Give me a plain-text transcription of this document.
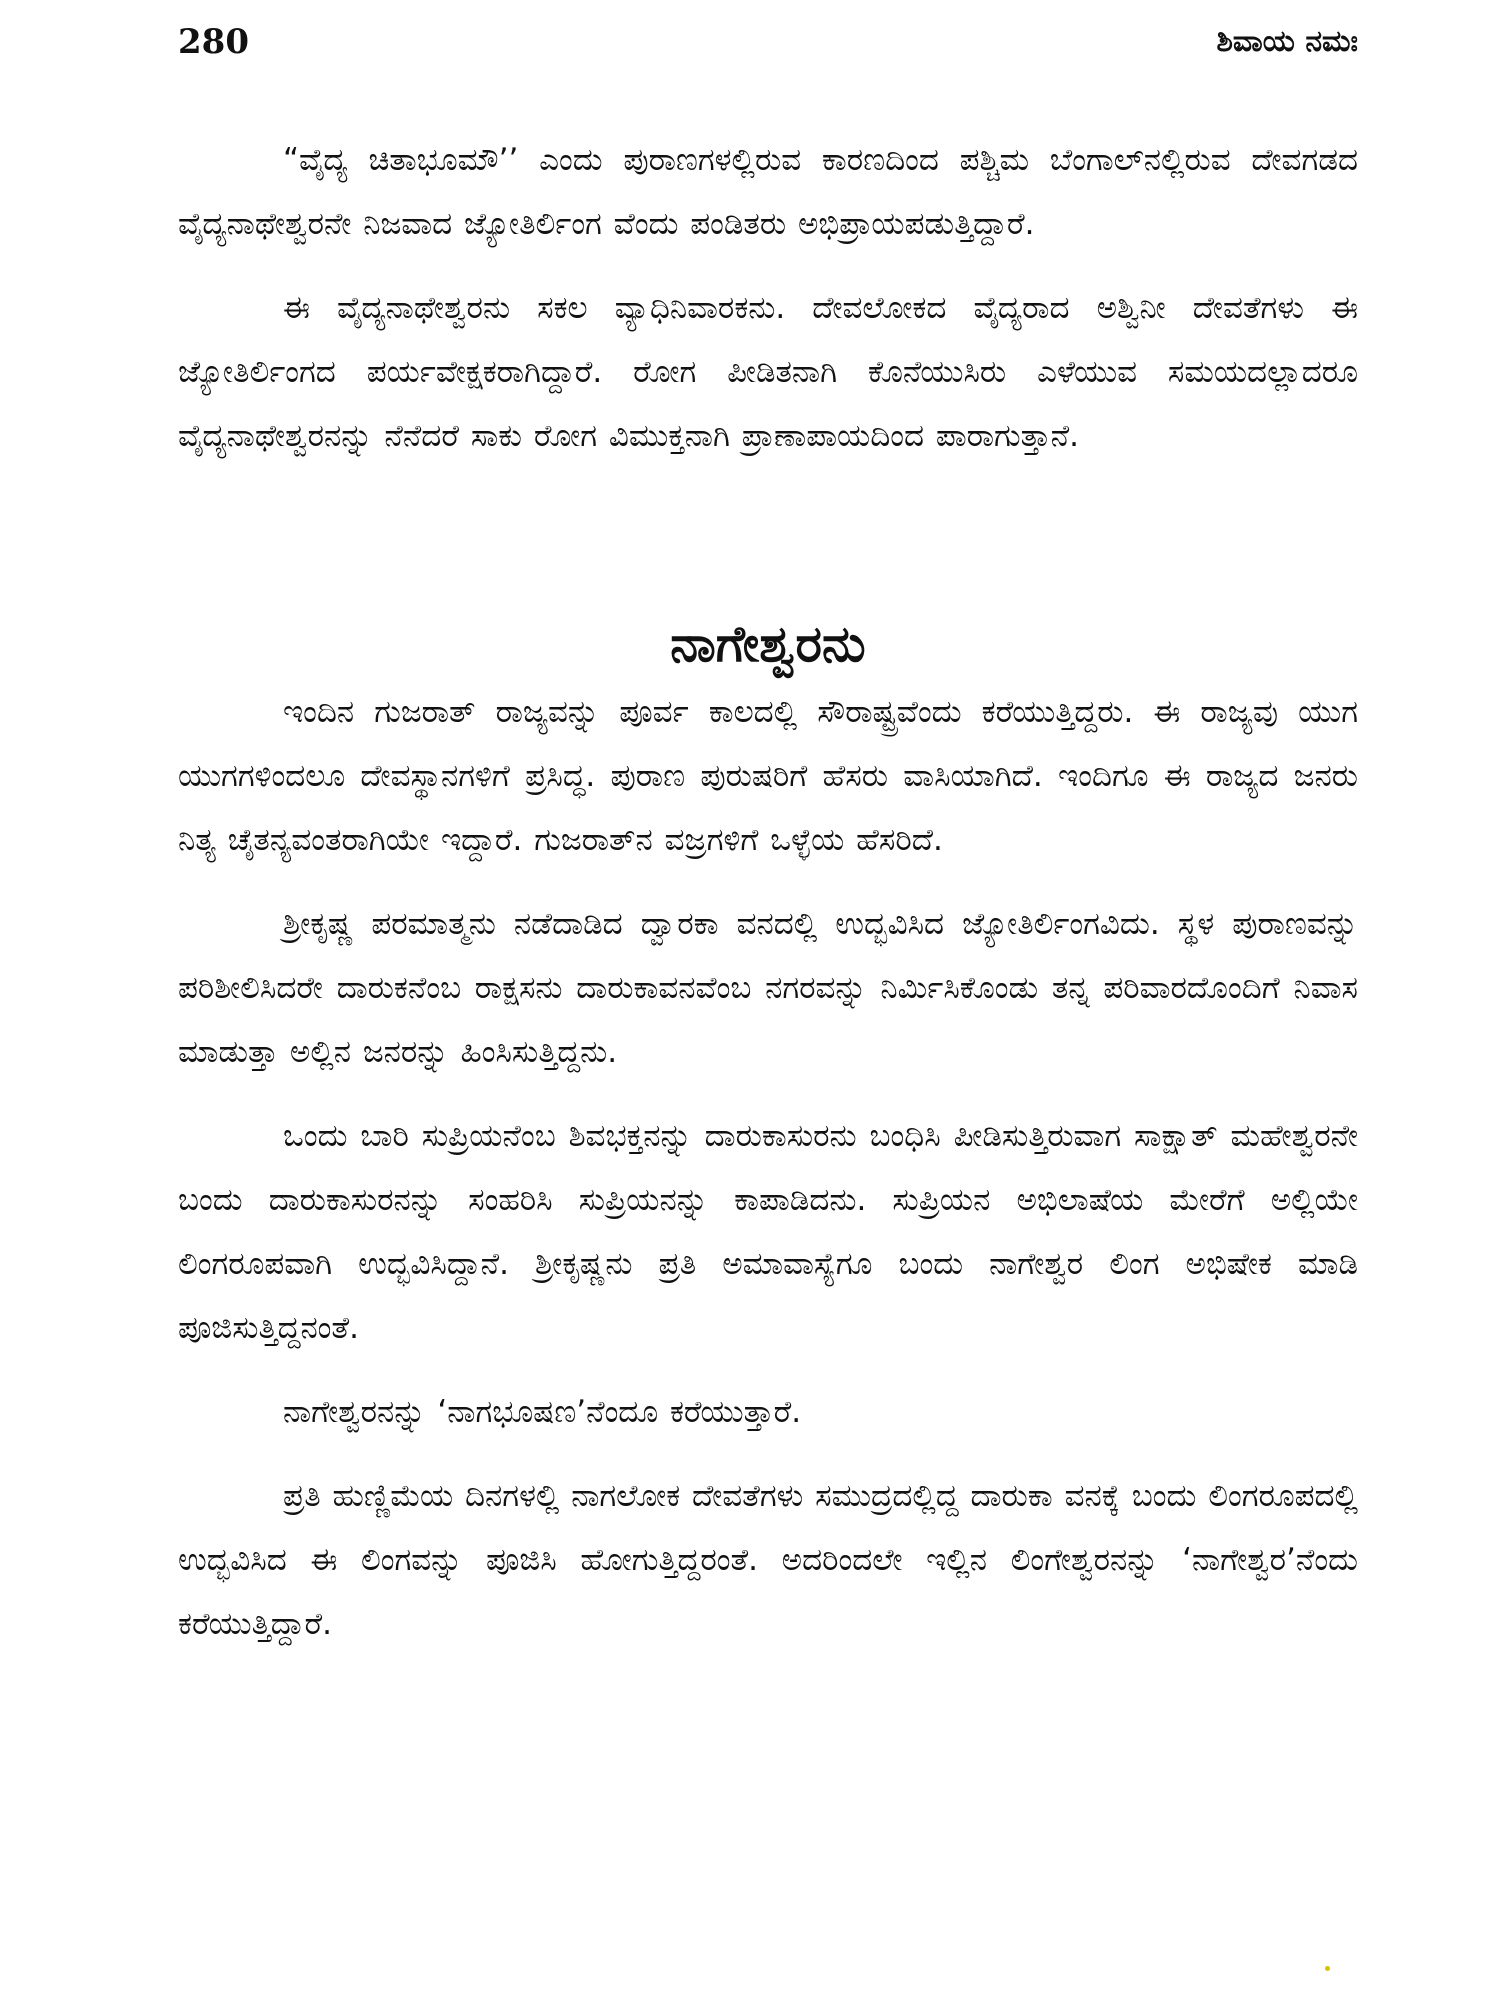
280	ಶಿವಾಯ ನಮಃ

“ವೈದ್ಯ ಚಿತಾಭೂಮೌ’’ ಎಂದು ಪುರಾಣಗಳಲ್ಲಿರುವ ಕಾರಣದಿಂದ ಪಶ್ಚಿಮ ಬೆಂಗಾಲ್‌ನಲ್ಲಿರುವ ದೇವಗಡದ ವೈದ್ಯನಾಥೇಶ್ವರನೇ ನಿಜವಾದ ಜ್ಯೋತಿರ್ಲಿಂಗ ವೆಂದು ಪಂಡಿತರು ಅಭಿಪ್ರಾಯಪಡುತ್ತಿದ್ದಾರೆ.

ಈ ವೈದ್ಯನಾಥೇಶ್ವರನು ಸಕಲ ವ್ಯಾಧಿನಿವಾರಕನು. ದೇವಲೋಕದ ವೈದ್ಯರಾದ ಅಶ್ವಿನೀ ದೇವತೆಗಳು ಈ ಜ್ಯೋತಿರ್ಲಿಂಗದ ಪರ್ಯವೇಕ್ಷಕರಾಗಿದ್ದಾರೆ. ರೋಗ ಪೀಡಿತನಾಗಿ ಕೊನೆಯುಸಿರು ಎಳೆಯುವ ಸಮಯದಲ್ಲಾದರೂ ವೈದ್ಯನಾಥೇಶ್ವರನನ್ನು ನೆನೆದರೆ ಸಾಕು ರೋಗ ವಿಮುಕ್ತನಾಗಿ ಪ್ರಾಣಾಪಾಯದಿಂದ ಪಾರಾಗುತ್ತಾನೆ.

ನಾಗೇಶ್ವರನು

ಇಂದಿನ ಗುಜರಾತ್ ರಾಜ್ಯವನ್ನು ಪೂರ್ವ ಕಾಲದಲ್ಲಿ ಸೌರಾಷ್ಟ್ರವೆಂದು ಕರೆಯುತ್ತಿದ್ದರು. ಈ ರಾಜ್ಯವು ಯುಗ ಯುಗಗಳಿಂದಲೂ ದೇವಸ್ಥಾನಗಳಿಗೆ ಪ್ರಸಿದ್ಧ. ಪುರಾಣ ಪುರುಷರಿಗೆ ಹೆಸರು ವಾಸಿಯಾಗಿದೆ. ಇಂದಿಗೂ ಈ ರಾಜ್ಯದ ಜನರು ನಿತ್ಯ ಚೈತನ್ಯವಂತರಾಗಿಯೇ ಇದ್ದಾರೆ. ಗುಜರಾತ್‌ನ ವಜ್ರಗಳಿಗೆ ಒಳ್ಳೆಯ ಹೆಸರಿದೆ.

ಶ್ರೀಕೃಷ್ಣ ಪರಮಾತ್ಮನು ನಡೆದಾಡಿದ ದ್ವಾರಕಾ ವನದಲ್ಲಿ ಉದ್ಭವಿಸಿದ ಜ್ಯೋತಿರ್ಲಿಂಗವಿದು. ಸ್ಥಳ ಪುರಾಣವನ್ನು ಪರಿಶೀಲಿಸಿದರೇ ದಾರುಕನೆಂಬ ರಾಕ್ಷಸನು ದಾರುಕಾವನವೆಂಬ ನಗರವನ್ನು ನಿರ್ಮಿಸಿಕೊಂಡು ತನ್ನ ಪರಿವಾರದೊಂದಿಗೆ ನಿವಾಸ ಮಾಡುತ್ತಾ ಅಲ್ಲಿನ ಜನರನ್ನು ಹಿಂಸಿಸುತ್ತಿದ್ದನು.

ಒಂದು ಬಾರಿ ಸುಪ್ರಿಯನೆಂಬ ಶಿವಭಕ್ತನನ್ನು ದಾರುಕಾಸುರನು ಬಂಧಿಸಿ ಪೀಡಿಸುತ್ತಿರುವಾಗ ಸಾಕ್ಷಾತ್ ಮಹೇಶ್ವರನೇ ಬಂದು ದಾರುಕಾಸುರನನ್ನು ಸಂಹರಿಸಿ ಸುಪ್ರಿಯನನ್ನು ಕಾಪಾಡಿದನು. ಸುಪ್ರಿಯನ ಅಭಿಲಾಷೆಯ ಮೇರೆಗೆ ಅಲ್ಲಿಯೇ ಲಿಂಗರೂಪವಾಗಿ ಉದ್ಭವಿಸಿದ್ದಾನೆ. ಶ್ರೀಕೃಷ್ಣನು ಪ್ರತಿ ಅಮಾವಾಸ್ಯೆಗೂ ಬಂದು ನಾಗೇಶ್ವರ ಲಿಂಗ ಅಭಿಷೇಕ ಮಾಡಿ ಪೂಜಿಸುತ್ತಿದ್ದನಂತೆ.

ನಾಗೇಶ್ವರನನ್ನು ‘ನಾಗಭೂಷಣ’ನೆಂದೂ ಕರೆಯುತ್ತಾರೆ.

ಪ್ರತಿ ಹುಣ್ಣಿಮೆಯ ದಿನಗಳಲ್ಲಿ ನಾಗಲೋಕ ದೇವತೆಗಳು ಸಮುದ್ರದಲ್ಲಿದ್ದ ದಾರುಕಾ ವನಕ್ಕೆ ಬಂದು ಲಿಂಗರೂಪದಲ್ಲಿ ಉದ್ಭವಿಸಿದ ಈ ಲಿಂಗವನ್ನು ಪೂಜಿಸಿ ಹೋಗುತ್ತಿದ್ದರಂತೆ. ಅದರಿಂದಲೇ ಇಲ್ಲಿನ ಲಿಂಗೇಶ್ವರನನ್ನು ‘ನಾಗೇಶ್ವರ’ನೆಂದು ಕರೆಯುತ್ತಿದ್ದಾರೆ.
